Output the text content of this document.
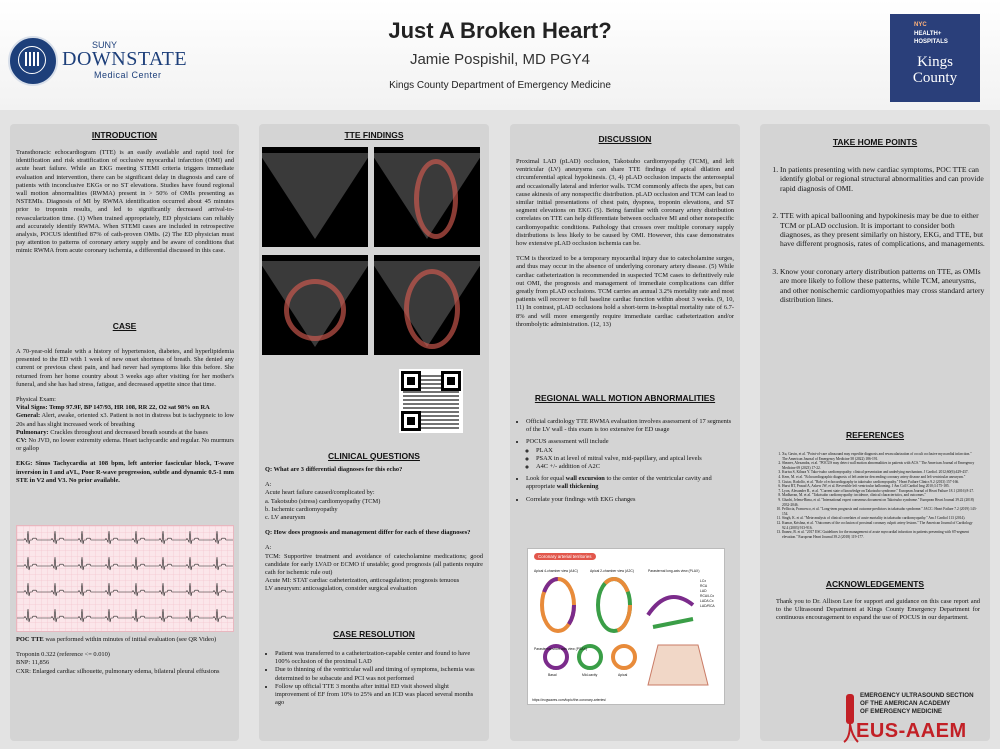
SUNY
DOWNSTATE
Medical Center
Just A Broken Heart?
Jamie Pospishil, MD PGY4
Kings County Department of Emergency Medicine
NYC
HEALTH+
HOSPITALS
Kings County
INTRODUCTION
Transthoracic echocardiogram (TTE) is an easily available and rapid tool for identification and risk stratification of occlusive myocardial infarction (OMI) and acute heart failure. While an EKG meeting STEMI criteria triggers immediate evaluation and intervention, there can be significant delay in diagnosis and care of patients with inconclusive EKGs or no ST elevations. Studies have found regional wall motion abnormalities (RWMA) present in > 50% of OMIs presenting as NSTEMIs. Diagnosis of MI by RWMA identification occurred about 45 minutes prior to troponin results, and led to significantly decreased arrival-to-revascularization time. (1) When trained appropriately, ED physicians can reliably and accurately identify RWMA. When STEMI cases are included in retrospective analysis, POCUS identified 87% of cath-proven OMIs. (2) The ED physician must pay attention to patterns of coronary artery supply and be aware of conditions that mimic RWMA from acute coronary ischemia, a differential discussed in this case.
CASE

A 70-year-old female with a history of hypertension, diabetes, and hyperlipidemia presented to the ED with 1 week of new onset shortness of breath. She denied any current or previous chest pain, and had never had symptoms like this before. She returned from her home country about 3 weeks ago after visiting for her mother's funeral, and she has had stress, fatigue, and decreased appetite since that time.

Physical Exam:
Vital Signs: Temp 97.9F, BP 147/93, HR 108, RR 22, O2 sat 98% on RA
General: Alert, awake, oriented x3. Patient is not in distress but is tachypneic to low 20s and has slight increased work of breathing
Pulmonary: Crackles throughout and decreased breath sounds at the bases

CV: No JVD, no lower extremity edema. Heart tachycardic and regular. No murmurs or gallop

EKG: Sinus Tachycardia at 108 bpm, left anterior fascicular block, T-wave inversion in I and aVL, Poor R-wave progression, subtle and dynamic 0.5-1 mm STE in V2 and V3. No prior available.

POC TTE was performed within minutes of initial evaluation (see QR Video)

Troponin 0.322 (reference <= 0.010)
BNP: 11,856
CXR: Enlarged cardiac silhouette, pulmonary edema, bilateral pleural effusions
TTE FINDINGS
CLINICAL QUESTIONS

Q: What are 3 differential diagnoses for this echo?

A:
Acute heart failure caused/complicated by:
a. Takotsubo (stress) cardiomyopathy (TCM)
b. Ischemic cardiomyopathy

c. LV aneurysm

Q: How does prognosis and management differ for each of these diagnoses?

A:
TCM: Supportive treatment and avoidance of catecholamine medications; good candidate for early LVAD or ECMO if unstable; good prognosis (all patients require cath for ischemic rule out)
Acute MI: STAT cardiac catheterization, anticoagulation; prognosis tenuous
LV aneurysm: anticoagulation, consider surgical evaluation
CASE RESOLUTION
• Patient was transferred to a catheterization-capable center and found to have 100% occlusion of the proximal LAD
• Due to thinning of the ventricular wall and timing of symptoms, ischemia was determined to be subacute and PCI was not performed
• Follow up official TTE 3 months after initial ED visit showed slight improvement of EF from 10% to 25% and an ICD was placed several months ago
DISCUSSION

Proximal LAD (pLAD) occlusion, Takotsubo cardiomyopathy (TCM), and left ventricular (LV) aneurysms can share TTE findings of apical dilation and circumferential apical hypokinesis. (3, 4) pLAD occlusion impacts the anteroseptal and occasionally lateral and inferior walls. TCM commonly affects the apex, but can cause akinesis of any nonspecific distribution. pLAD occlusion and TCM can lead to similar initial presentations of chest pain, dyspnea, troponin elevations, and ST segment elevations on EKG (5). Being familiar with coronary artery distribution correlates on TTE can help differentiate between occlusive MI and other nonspecific cardiomyopathic conditions. Pathology that crosses over multiple coronary supply distributions is less likely to be caused by OMI. However, this case demonstrates how extensive pLAD occlusion ischemia can be.

TCM is theorized to be a temporary myocardial injury due to catecholamine surges, and thus may occur in the absence of underlying coronary artery disease. (5) While cardiac catheterization is recommended in suspected TCM cases to definitively rule out OMI, the prognosis and management of immediate complications can differ greatly from pLAD occlusions. TCM carries an annual 3.2% mortality rate and most patients will recover to full baseline cardiac function within about 3 weeks. (9, 10, 11) In contrast, pLAD occlusions hold a short-term in-hospital mortality rate of 6.7-8% and will more emergently require immediate cardiac catheterization and/or thrombolytic administration. (12, 13)

REGIONAL WALL MOTION ABNORMALITIES
• Official cardiology TTE RWMA evaluation involves assessment of 17 segments of the LV wall - this exam is too extensive for ED usage
• POCUS assessment will include
◦ PLAX
◦ PSAX in at level of mitral valve, mid-papillary, and apical levels
◦ A4C +/- addition of A2C
• Look for equal wall excursion to the center of the ventricular cavity and appropriate wall thickening
• Correlate your findings with EKG changes
Coronary arterial territories
Apical 4-chamber view (A4C)	Apical 2-chamber view (A2C)	Parasternal long-axis view (PLAX)
Parasternal short-axis view (PSAX)
Basal	Mid-cavity	Apical
LCx
RCA
LAD
RCA/LCx
LAD/LCx
LAD/RCA
https://ecgwaves.com/topic/the-coronary-arteries/
TAKE HOME POINTS
1. In patients presenting with new cardiac symptoms, POC TTE can identify global or regional structural abnormalities and can provide rapid diagnosis of OMI.
2. TTE with apical ballooning and hypokinesis may be due to either TCM or pLAD occlusion. It is important to consider both diagnoses, as they present similarly on history, EKG, and TTE, but have different prognosis, rates of complications, and managements.
3. Know your coronary artery distribution patterns on TTE, as OMIs are more likely to follow these patterns, while TCM, aneurysms, and other nonischemic cardiomyopathies may cross standard artery distribution lines.
REFERENCES
1. Xu, Gavin, et al. "Point-of-care ultrasound may expedite diagnosis and revascularization of occult occlusive myocardial infarction." The American Journal of Emergency Medicine 58 (2022) 186-191.
2. Shearer, Alexandra, et al. "POCUS may detect wall motion abnormalities in patients with ACS." The American Journal of Emergency Medicine 69 (2023) 17-22.
3. Kurisu S, Kihara Y. Tako-tsubo cardiomyopathy: clinical presentation and underlying mechanism. J Cardiol. 2012;60(6):429-437.
4. Kern, M. et al. "Echocardiographic diagnosis of left anterior descending coronary artery disease and left ventricular aneurysm."
5. Ciutac, Rodolfo, et al. "Role of echocardiography in takotsubo cardiomyopathy." Heart Failure Clinics 9.2 (2013) 157-166.
6. Hurst RT, Prasad A, Askew JW, et al. Reversible left ventricular ballooning. J Am Coll Cardiol Img 2010;3:175-185.
7. Lyon, Alexander R., et al. "Current state of knowledge on Takotsubo syndrome." European Journal of Heart Failure 18.1 (2016) 8-27.
8. Madhavan, M. et al. "Takotsubo cardiomyopathy: incidence, clinical characteristics, and outcomes."
9. Ghadri, Jelena-Rima, et al. "International expert consensus document on Takotsubo syndrome." European Heart Journal 39.22 (2018) 2032-2046.
10. Pelliccia, Francesco, et al. "Long-term prognosis and outcome predictors in takotsubo syndrome." JACC: Heart Failure 7.2 (2019) 143-154.
11. Singh, K. et al. "Meta-analysis of clinical correlates of acute mortality in takotsubo cardiomyopathy." Am J Cardiol 113 (2014).
12. Kumar, Krishna, et al. "Outcomes of the occlusion of proximal coronary culprit artery lesions." The American Journal of Cardiology 92.4 (2003) 913-916.
13. Ibanez, B. et al. "2017 ESC Guidelines for the management of acute myocardial infarction in patients presenting with ST-segment elevation." European Heart Journal 39.2 (2018) 119-177.
ACKNOWLEDGEMENTS
Thank you to Dr. Allison Lee for support and guidance on this case report and to the Ultrasound Department at Kings County Emergency Department for continuous encouragement to expand the use of POCUS in our department.
EMERGENCY ULTRASOUND SECTION
OF THE AMERICAN ACADEMY
OF EMERGENCY MEDICINE
EUS-AAEM
